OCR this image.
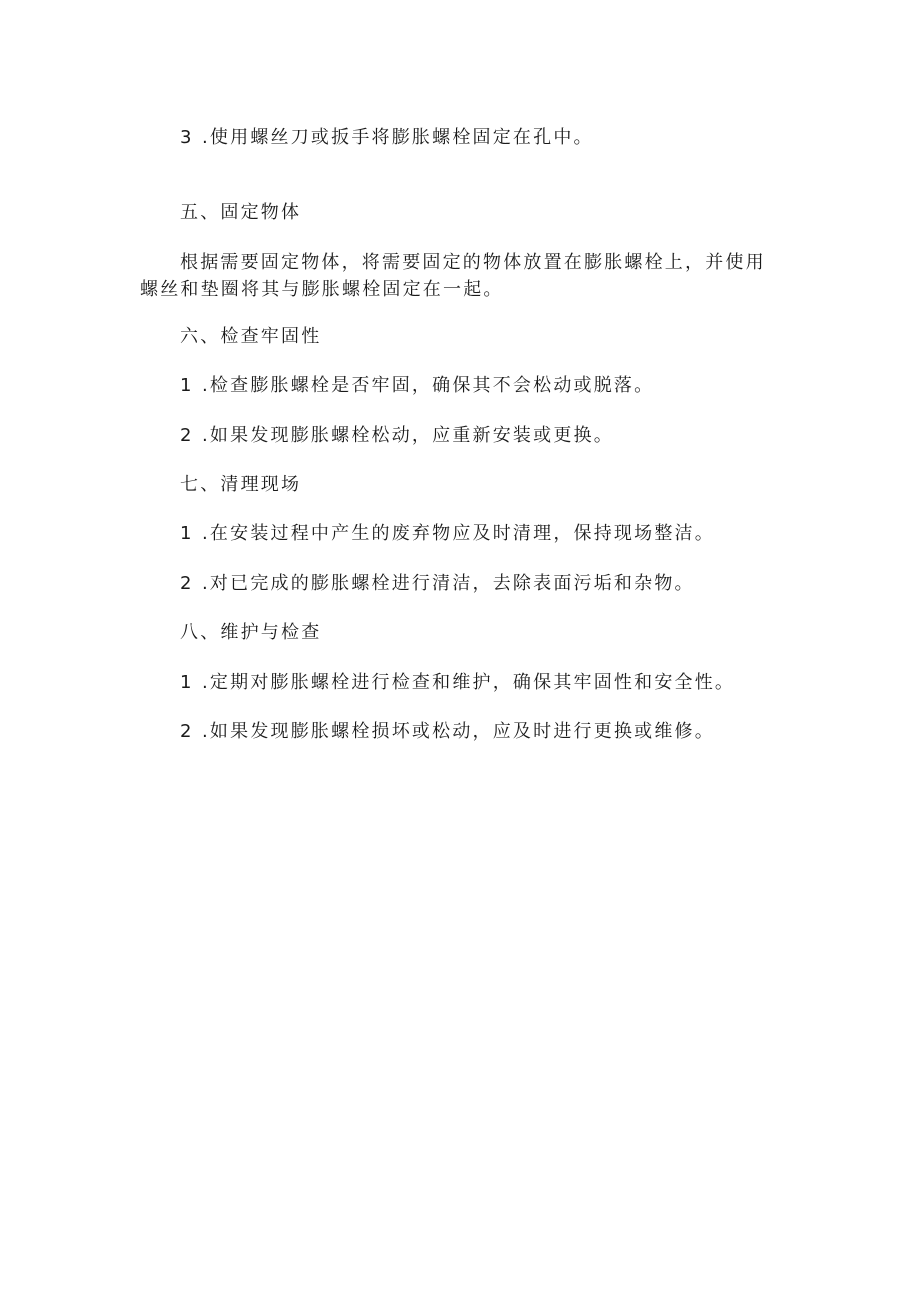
3 .使用螺丝刀或扳手将膨胀螺栓固定在孔中。
五、固定物体
根据需要固定物体，将需要固定的物体放置在膨胀螺栓上，并使用
螺丝和垫圈将其与膨胀螺栓固定在一起。
六、检查牢固性
1 .检查膨胀螺栓是否牢固，确保其不会松动或脱落。
2 .如果发现膨胀螺栓松动，应重新安装或更换。
七、清理现场
1 .在安装过程中产生的废弃物应及时清理，保持现场整洁。
2 .对已完成的膨胀螺栓进行清洁，去除表面污垢和杂物。
八、维护与检查
1 .定期对膨胀螺栓进行检查和维护，确保其牢固性和安全性。
2 .如果发现膨胀螺栓损坏或松动，应及时进行更换或维修。
